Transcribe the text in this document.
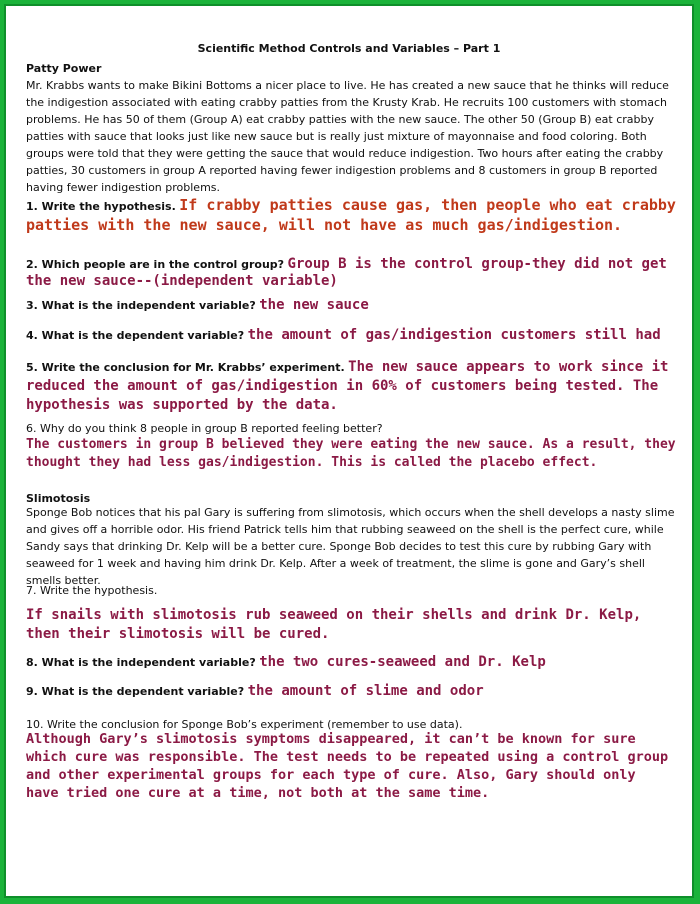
Scientific Method Controls and Variables – Part 1
Patty Power
Mr. Krabbs wants to make Bikini Bottoms a nicer place to live. He has created a new sauce that he thinks will reduce the indigestion associated with eating crabby patties from the Krusty Krab. He recruits 100 customers with stomach problems. He has 50 of them (Group A) eat crabby patties with the new sauce. The other 50 (Group B) eat crabby patties with sauce that looks just like new sauce but is really just mixture of mayonnaise and food coloring. Both groups were told that they were getting the sauce that would reduce indigestion. Two hours after eating the crabby patties, 30 customers in group A reported having fewer indigestion problems and 8 customers in group B reported having fewer indigestion problems.
1. Write the hypothesis. If crabby patties cause gas, then people who eat crabby patties with the new sauce, will not have as much gas/indigestion.
2. Which people are in the control group? Group B is the control group-they did not get the new sauce--(independent variable)
3. What is the independent variable? the new sauce
4. What is the dependent variable? the amount of gas/indigestion customers still had
5. Write the conclusion for Mr. Krabbs’ experiment. The new sauce appears to work since it reduced the amount of gas/indigestion in 60% of customers being tested. The hypothesis was supported by the data.
6. Why do you think 8 people in group B reported feeling better?
The customers in group B believed they were eating the new sauce. As a result, they thought they had less gas/indigestion. This is called the placebo effect.
Slimotosis
Sponge Bob notices that his pal Gary is suffering from slimotosis, which occurs when the shell develops a nasty slime and gives off a horrible odor. His friend Patrick tells him that rubbing seaweed on the shell is the perfect cure, while Sandy says that drinking Dr. Kelp will be a better cure. Sponge Bob decides to test this cure by rubbing Gary with seaweed for 1 week and having him drink Dr. Kelp. After a week of treatment, the slime is gone and Gary’s shell smells better.
7. Write the hypothesis.
If snails with slimotosis rub seaweed on their shells and drink Dr. Kelp, then their slimotosis will be cured.
8. What is the independent variable? the two cures-seaweed and Dr. Kelp
9. What is the dependent variable? the amount of slime and odor
10. Write the conclusion for Sponge Bob’s experiment (remember to use data).
Although Gary’s slimotosis symptoms disappeared, it can’t be known for sure which cure was responsible. The test needs to be repeated using a control group and other experimental groups for each type of cure. Also, Gary should only have tried one cure at a time, not both at the same time.
